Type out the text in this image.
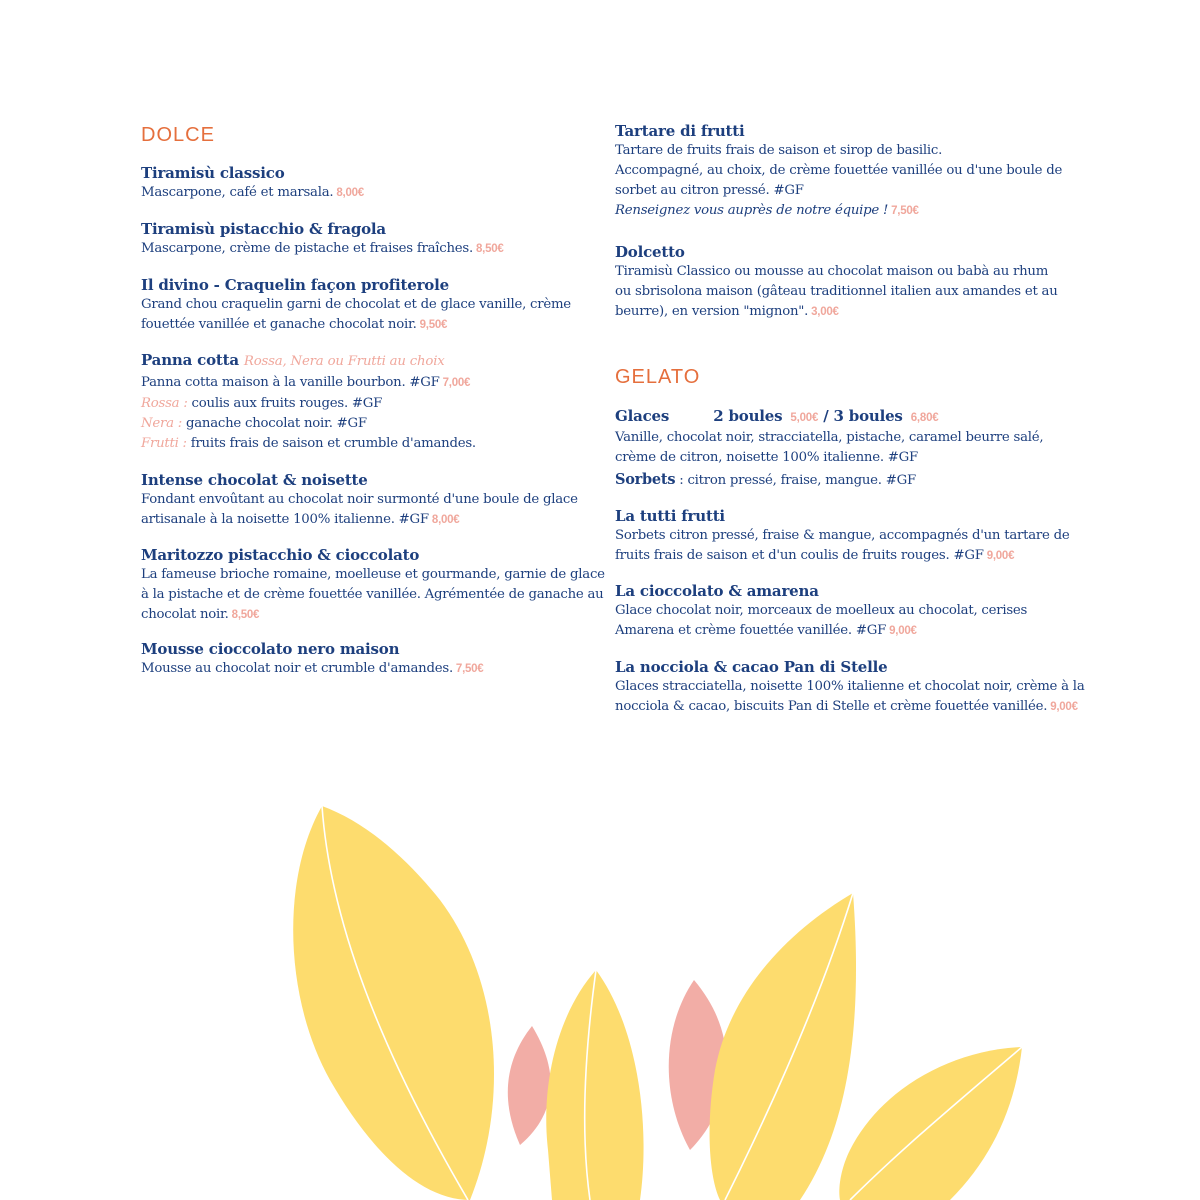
DOLCE
Tiramisù classico
Mascarpone, café et marsala. 8,00€
Tiramisù pistacchio & fragola
Mascarpone, crème de pistache et fraises fraîches. 8,50€
Il divino - Craquelin façon profiterole
Grand chou craquelin garni de chocolat et de glace vanille, crème
fouettée vanillée et ganache chocolat noir. 9,50€
Panna cotta Rossa, Nera ou Frutti au choix
Panna cotta maison à la vanille bourbon. #GF 7,00€
Rossa : coulis aux fruits rouges. #GF
Nera : ganache chocolat noir. #GF
Frutti : fruits frais de saison et crumble d'amandes.
Intense chocolat & noisette
Fondant envoûtant au chocolat noir surmonté d'une boule de glace
artisanale à la noisette 100% italienne. #GF 8,00€
Maritozzo pistacchio & cioccolato
La fameuse brioche romaine, moelleuse et gourmande, garnie de glace
à la pistache et de crème fouettée vanillée. Agrémentée de ganache au
chocolat noir. 8,50€
Mousse cioccolato nero maison
Mousse au chocolat noir et crumble d'amandes. 7,50€
Tartare di frutti
Tartare de fruits frais de saison et sirop de basilic.
Accompagné, au choix, de crème fouettée vanillée ou d'une boule de
sorbet au citron pressé. #GF
Renseignez vous auprès de notre équipe ! 7,50€
Dolcetto
Tiramisù Classico ou mousse au chocolat maison ou babà au rhum
ou sbrisolona maison (gâteau traditionnel italien aux amandes et au
beurre), en version "mignon". 3,00€
GELATO
Glaces	2 boules 5,00€ / 3 boules 6,80€
Vanille, chocolat noir, stracciatella, pistache, caramel beurre salé,
crème de citron, noisette 100% italienne. #GF
Sorbets : citron pressé, fraise, mangue. #GF
La tutti frutti
Sorbets citron pressé, fraise & mangue, accompagnés d'un tartare de
fruits frais de saison et d'un coulis de fruits rouges. #GF 9,00€
La cioccolato & amarena
Glace chocolat noir, morceaux de moelleux au chocolat, cerises
Amarena et crème fouettée vanillée. #GF 9,00€
La nocciola & cacao Pan di Stelle
Glaces stracciatella, noisette 100% italienne et chocolat noir, crème à la
nocciola & cacao, biscuits Pan di Stelle et crème fouettée vanillée. 9,00€
